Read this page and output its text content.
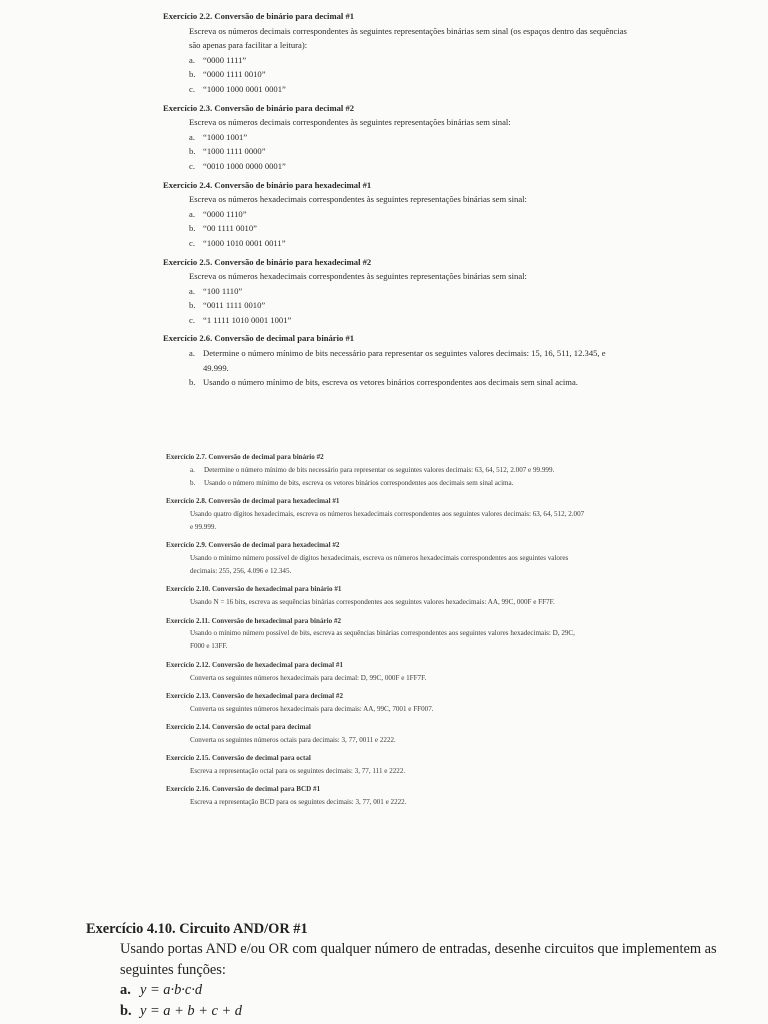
Exercício 2.2. Conversão de binário para decimal #1

Escreva os números decimais correspondentes às seguintes representações binárias sem sinal (os espaços dentro das sequências são apenas para facilitar a leitura):

a. “0000 1111”
b. “0000 1111 0010”
c. “1000 1000 0001 0001”
Exercício 2.3. Conversão de binário para decimal #2

Escreva os números decimais correspondentes às seguintes representações binárias sem sinal:

a. “1000 1001”
b. “1000 1111 0000”
c. “0010 1000 0000 0001”
Exercício 2.4. Conversão de binário para hexadecimal #1

Escreva os números hexadecimais correspondentes às seguintes representações binárias sem sinal:

a. “0000 1110”
b. “00 1111 0010”
c. “1000 1010 0001 0011”
Exercício 2.5. Conversão de binário para hexadecimal #2

Escreva os números hexadecimais correspondentes às seguintes representações binárias sem sinal:

a. “100 1110”
b. “0011 1111 0010”
c. “1 1111 1010 0001 1001”
Exercício 2.6. Conversão de decimal para binário #1
a. Determine o número mínimo de bits necessário para representar os seguintes valores decimais: 15, 16, 511, 12.345, e 49.999.
b. Usando o número mínimo de bits, escreva os vetores binários correspondentes aos decimais sem sinal acima.
Exercício 2.7. Conversão de decimal para binário #2
a.	Determine o número mínimo de bits necessário para representar os seguintes valores decimais: 63, 64, 512, 2.007 e 99.999.
b.	Usando o número mínimo de bits, escreva os vetores binários correspondentes aos decimais sem sinal acima.
Exercício 2.8. Conversão de decimal para hexadecimal #1

Usando quatro dígitos hexadecimais, escreva os números hexadecimais correspondentes aos seguintes valores decimais: 63, 64, 512, 2.007 e 99.999.

Exercício 2.9. Conversão de decimal para hexadecimal #2

Usando o mínimo número possível de dígitos hexadecimais, escreva os números hexadecimais correspondentes aos seguintes valores decimais: 255, 256, 4.096 e 12.345.

Exercício 2.10. Conversão de hexadecimal para binário #1

Usando N = 16 bits, escreva as sequências binárias correspondentes aos seguintes valores hexadecimais: AA, 99C, 000F e FF7F.

Exercício 2.11. Conversão de hexadecimal para binário #2

Usando o mínimo número possível de bits, escreva as sequências binárias correspondentes aos seguintes valores hexadecimais: D, 29C, F000 e 13FF.

Exercício 2.12. Conversão de hexadecimal para decimal #1

Converta os seguintes números hexadecimais para decimal: D, 99C, 000F e 1FF7F.

Exercício 2.13. Conversão de hexadecimal para decimal #2

Converta os seguintes números hexadecimais para decimais: AA, 99C, 7001 e FF007.

Exercício 2.14. Conversão de octal para decimal

Converta os seguintes números octais para decimais: 3, 77, 0011 e 2222.

Exercício 2.15. Conversão de decimal para octal

Escreva a representação octal para os seguintes decimais: 3, 77, 111 e 2222.

Exercício 2.16. Conversão de decimal para BCD #1

Escreva a representação BCD para os seguintes decimais: 3, 77, 001 e 2222.

Exercício 4.10. Circuito AND/OR #1

Usando portas AND e/ou OR com qualquer número de entradas, desenhe circuitos que implementem as seguintes funções:

a. y = a·b·c·d
b. y = a + b + c + d
